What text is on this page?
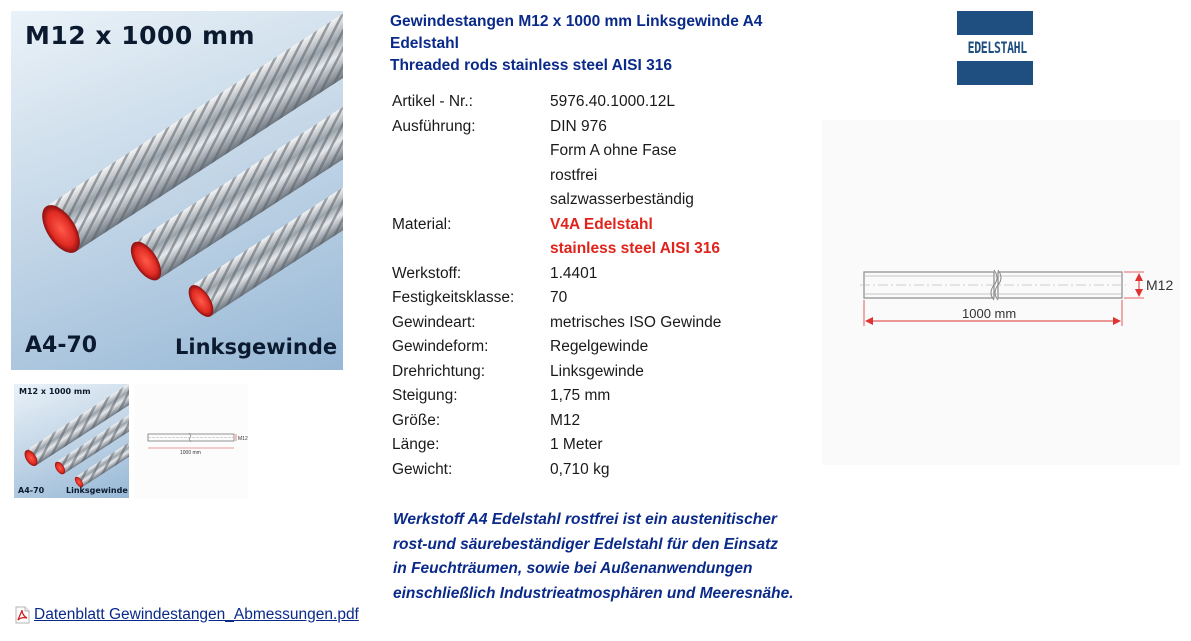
M12 x 1000 mm
A4-70	Linksgewinde
M12 x 1000 mm
A4-70	Linksgewinde
M12
1000 mm
Gewindestangen M12 x 1000 mm Linksgewinde A4
Edelstahl
Threaded rods stainless steel AISI 316
Artikel - Nr.:	5976.40.1000.12L
Ausführung:	DIN 976
	Form A ohne Fase
	rostfrei
	salzwasserbeständig
Material:	V4A Edelstahl
	stainless steel AISI 316
Werkstoff:	1.4401
Festigkeitsklasse:	70
Gewindeart:	metrisches ISO Gewinde
Gewindeform:	Regelgewinde
Drehrichtung:	Linksgewinde
Steigung:	1,75 mm
Größe:	M12
Länge:	1 Meter
Gewicht:	0,710 kg
Werkstoff A4 Edelstahl rostfrei ist ein austenitischer
rost-und säurebeständiger Edelstahl für den Einsatz
in Feuchträumen, sowie bei Außenanwendungen
einschließlich Industrieatmosphären und Meeresnähe.
Datenblatt Gewindestangen_Abmessungen.pdf
EDELSTAHL
M12
1000 mm
